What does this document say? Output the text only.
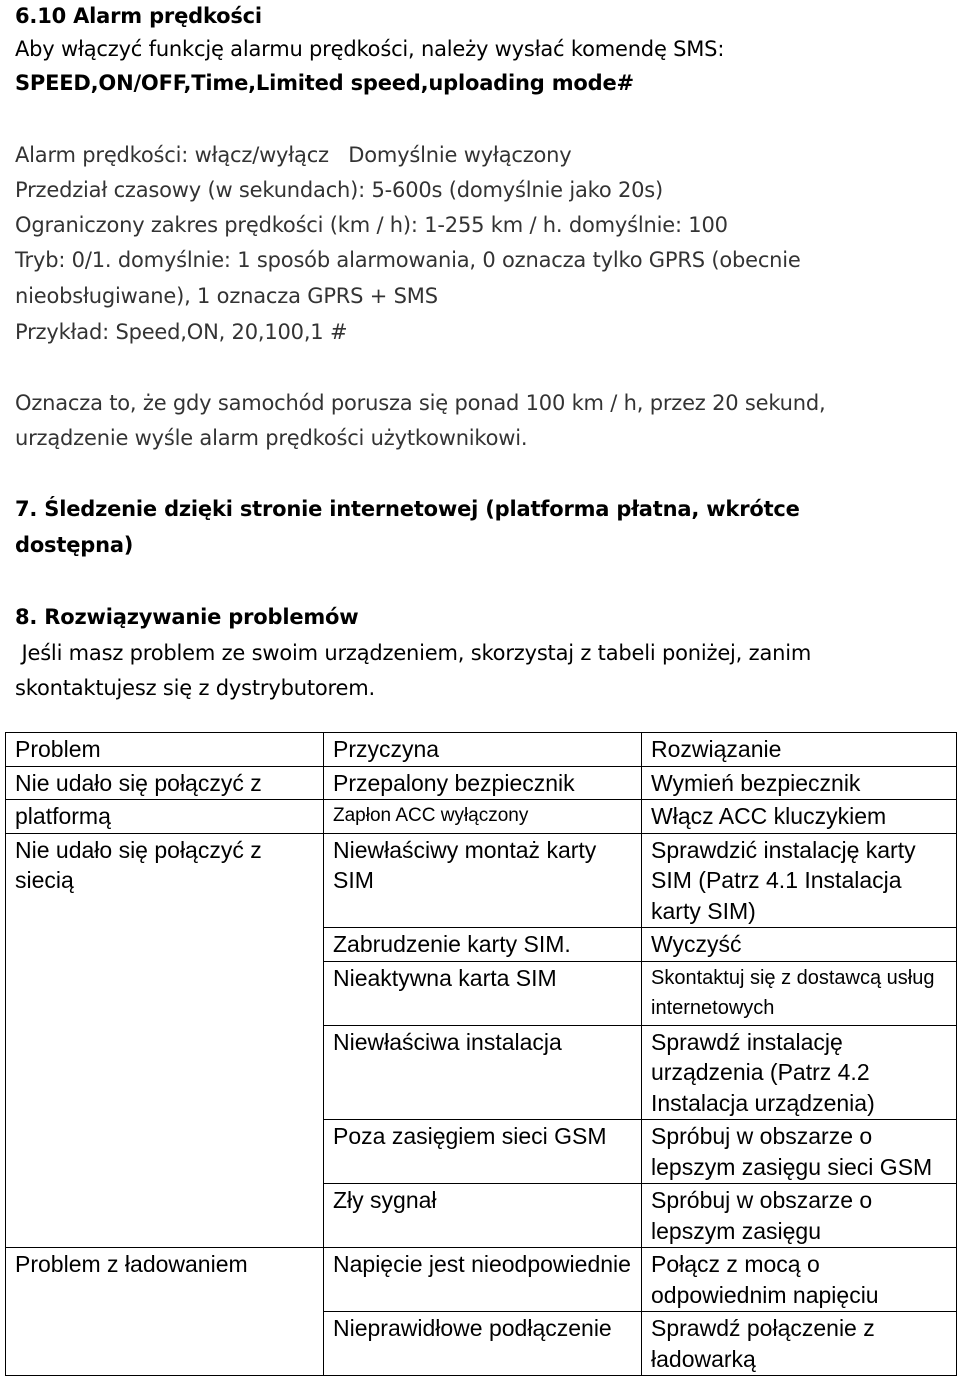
6.10 Alarm prędkości
Aby włączyć funkcję alarmu prędkości, należy wysłać komendę SMS:
SPEED,ON/OFF,Time,Limited speed,uploading mode#
Alarm prędkości: włącz/wyłącz   Domyślnie wyłączony
Przedział czasowy (w sekundach): 5-600s (domyślnie jako 20s)
Ograniczony zakres prędkości (km / h): 1-255 km / h. domyślnie: 100
Tryb: 0/1. domyślnie: 1 sposób alarmowania, 0 oznacza tylko GPRS (obecnie
nieobsługiwane), 1 oznacza GPRS + SMS
Przykład: Speed,ON, 20,100,1 #
Oznacza to, że gdy samochód porusza się ponad 100 km / h, przez 20 sekund,
urządzenie wyśle alarm prędkości użytkownikowi.
7. Śledzenie dzięki stronie internetowej (platforma płatna, wkrótce
dostępna)
8. Rozwiązywanie problemów
Jeśli masz problem ze swoim urządzeniem, skorzystaj z tabeli poniżej, zanim
skontaktujesz się z dystrybutorem.
Problem	Przyczyna	Rozwiązanie
Nie udało się połączyć z	Przepalony bezpiecznik	Wymień bezpiecznik
platformą	Zapłon ACC wyłączony	Włącz ACC kluczykiem
Nie udało się połączyć z siecią	Niewłaściwy montaż karty SIM	Sprawdzić instalację karty SIM (Patrz 4.1 Instalacja karty SIM)
	Zabrudzenie karty SIM.	Wyczyść
	Nieaktywna karta SIM	Skontaktuj się z dostawcą usług internetowych
	Niewłaściwa instalacja	Sprawdź instalację urządzenia (Patrz 4.2 Instalacja urządzenia)
	Poza zasięgiem sieci GSM	Spróbuj w obszarze o lepszym zasięgu sieci GSM
	Zły sygnał	Spróbuj w obszarze o lepszym zasięgu
Problem z ładowaniem	Napięcie jest nieodpowiednie	Połącz z mocą o odpowiednim napięciu
	Nieprawidłowe podłączenie	Sprawdź połączenie z ładowarką
